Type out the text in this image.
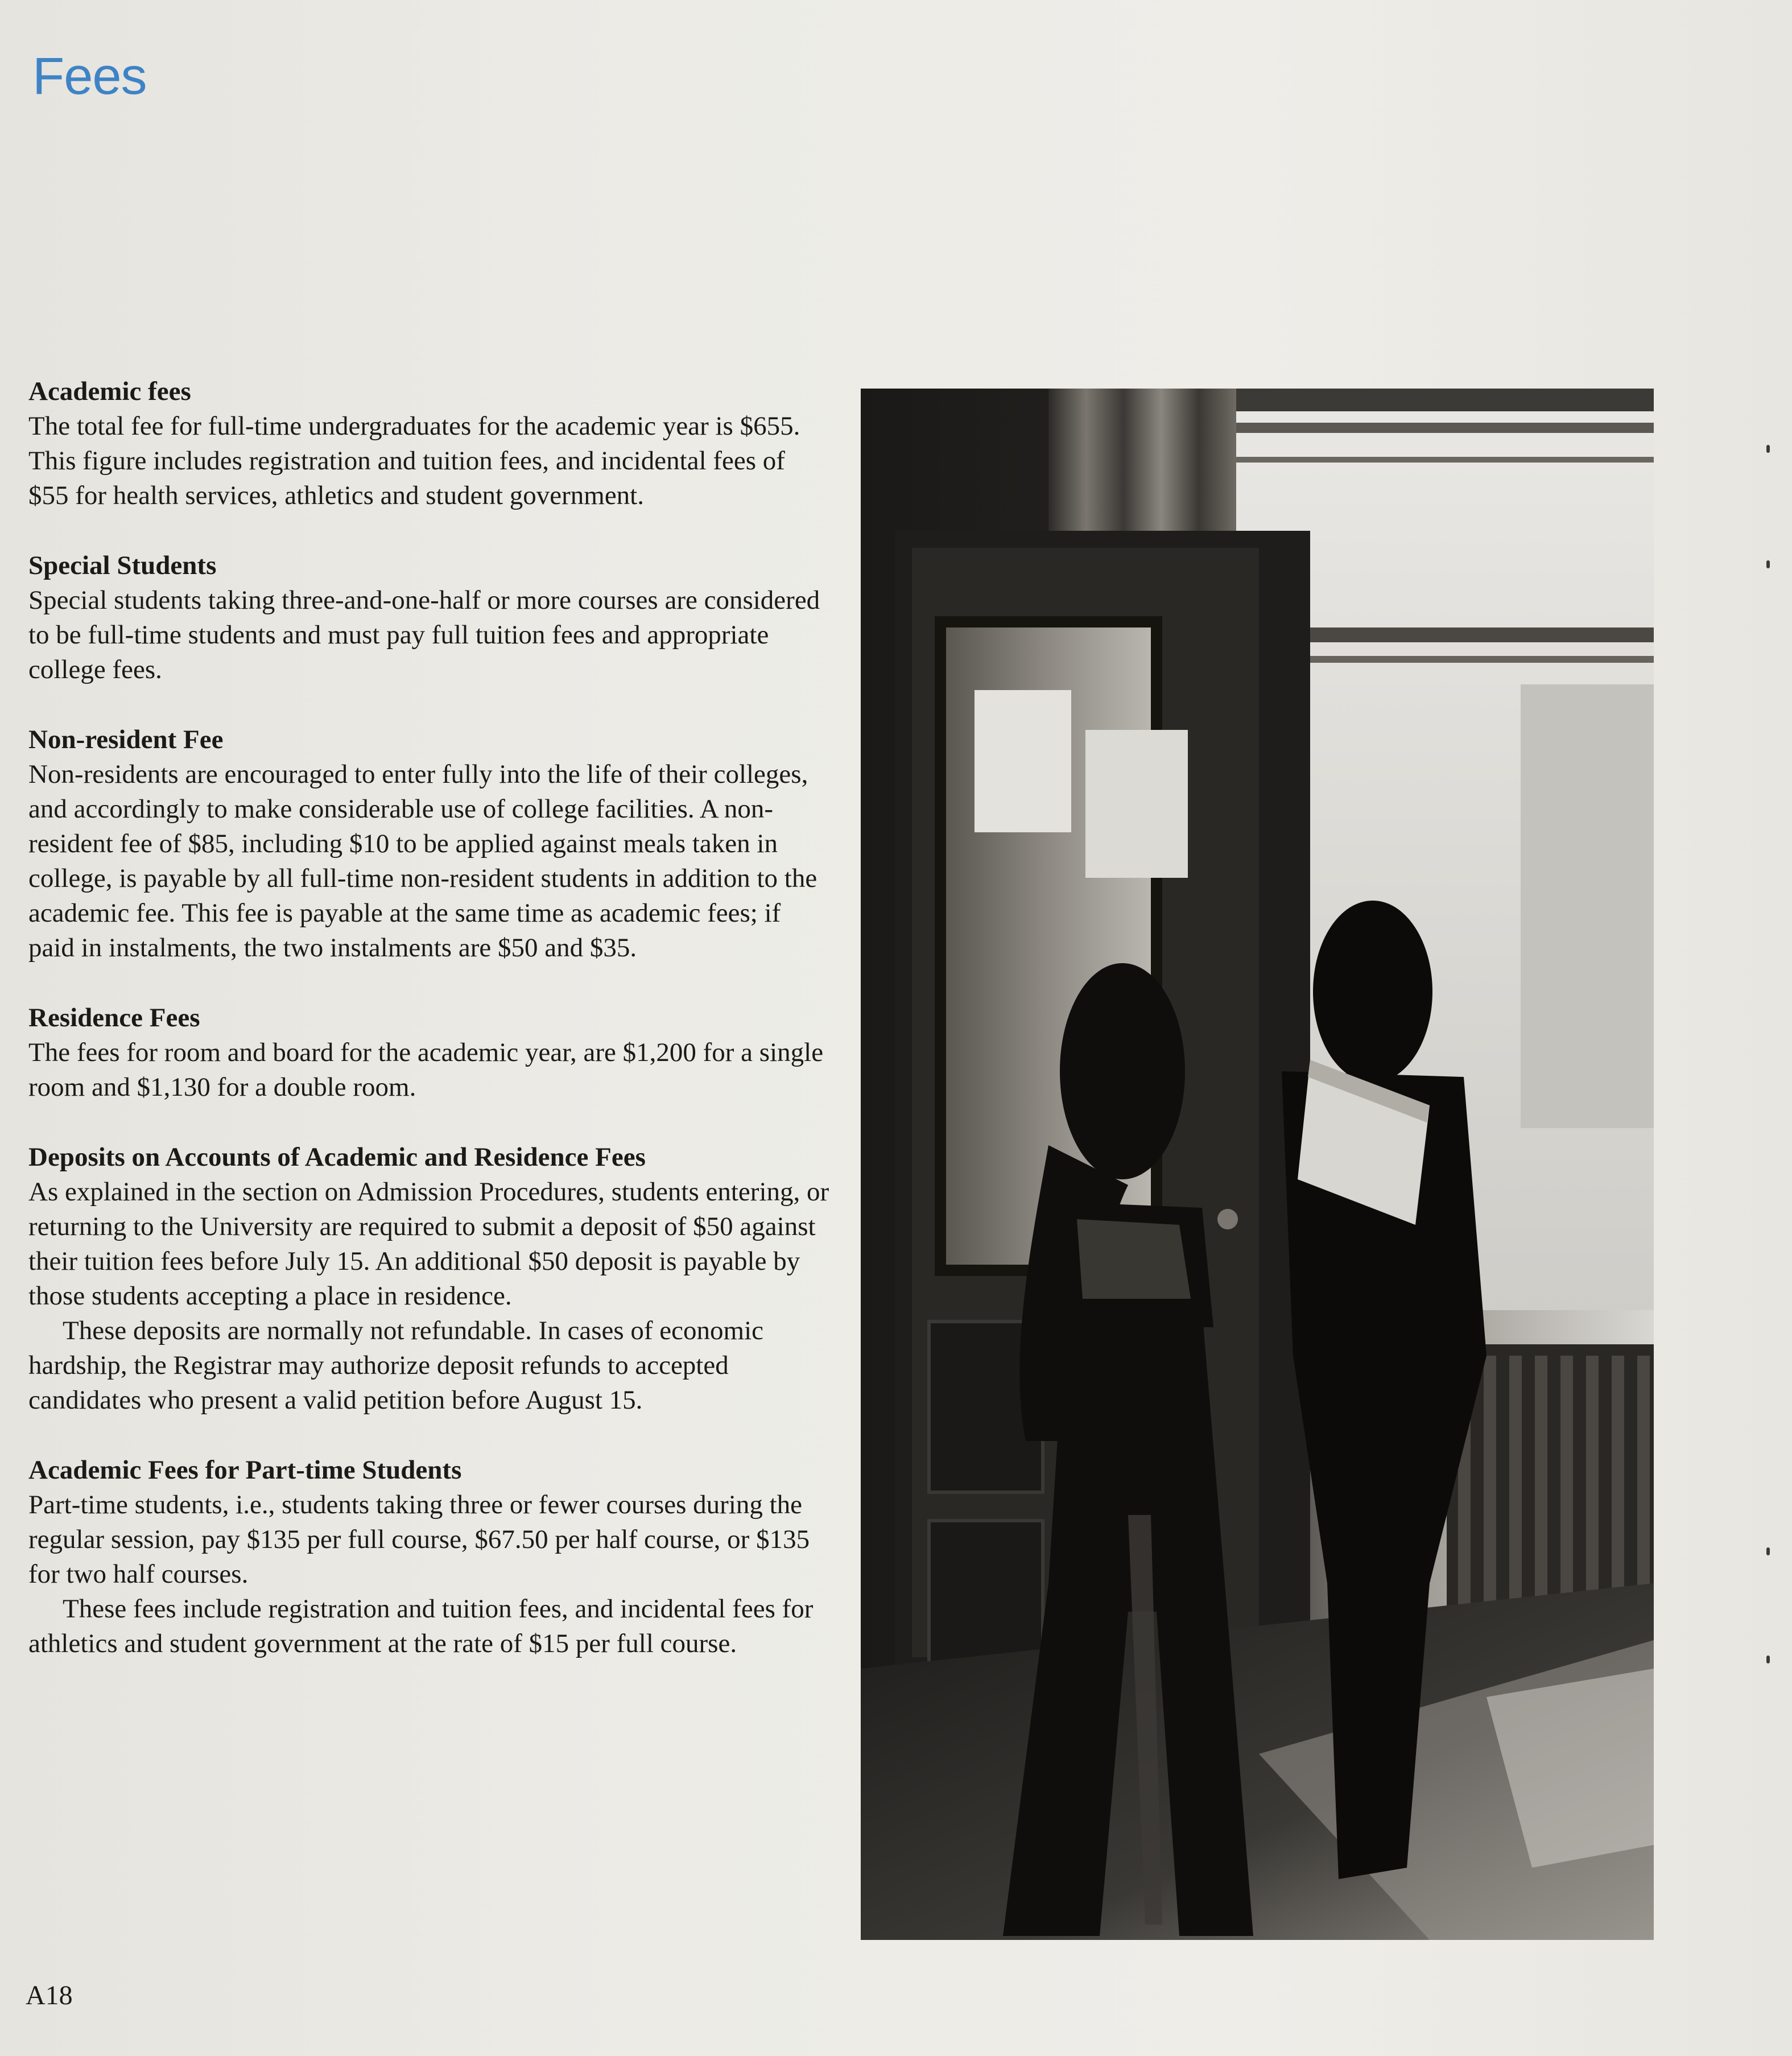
Fees
Academic fees

The total fee for full-time undergraduates for the academic year is $655. This figure includes registration and tuition fees, and incidental fees of $55 for health services, athletics and student government.

Special Students

Special students taking three-and-one-half or more courses are considered to be full-time students and must pay full tuition fees and appropriate college fees.

Non-resident Fee

Non-residents are encouraged to enter fully into the life of their colleges, and accordingly to make considerable use of college facilities. A non-resident fee of $85, including $10 to be applied against meals taken in college, is payable by all full-time non-resident students in addition to the academic fee. This fee is payable at the same time as academic fees; if paid in instalments, the two instalments are $50 and $35.

Residence Fees

The fees for room and board for the academic year, are $1,200 for a single room and $1,130 for a double room.

Deposits on Accounts of Academic and Residence Fees

As explained in the section on Admission Procedures, students entering, or returning to the University are required to submit a deposit of $50 against their tuition fees before July 15. An additional $50 deposit is payable by those students accepting a place in residence.

These deposits are normally not refundable. In cases of economic hardship, the Registrar may authorize deposit refunds to accepted candidates who present a valid petition before August 15.

Academic Fees for Part-time Students

Part-time students, i.e., students taking three or fewer courses during the regular session, pay $135 per full course, $67.50 per half course, or $135 for two half courses.

These fees include registration and tuition fees, and incidental fees for athletics and student government at the rate of $15 per full course.

A18
